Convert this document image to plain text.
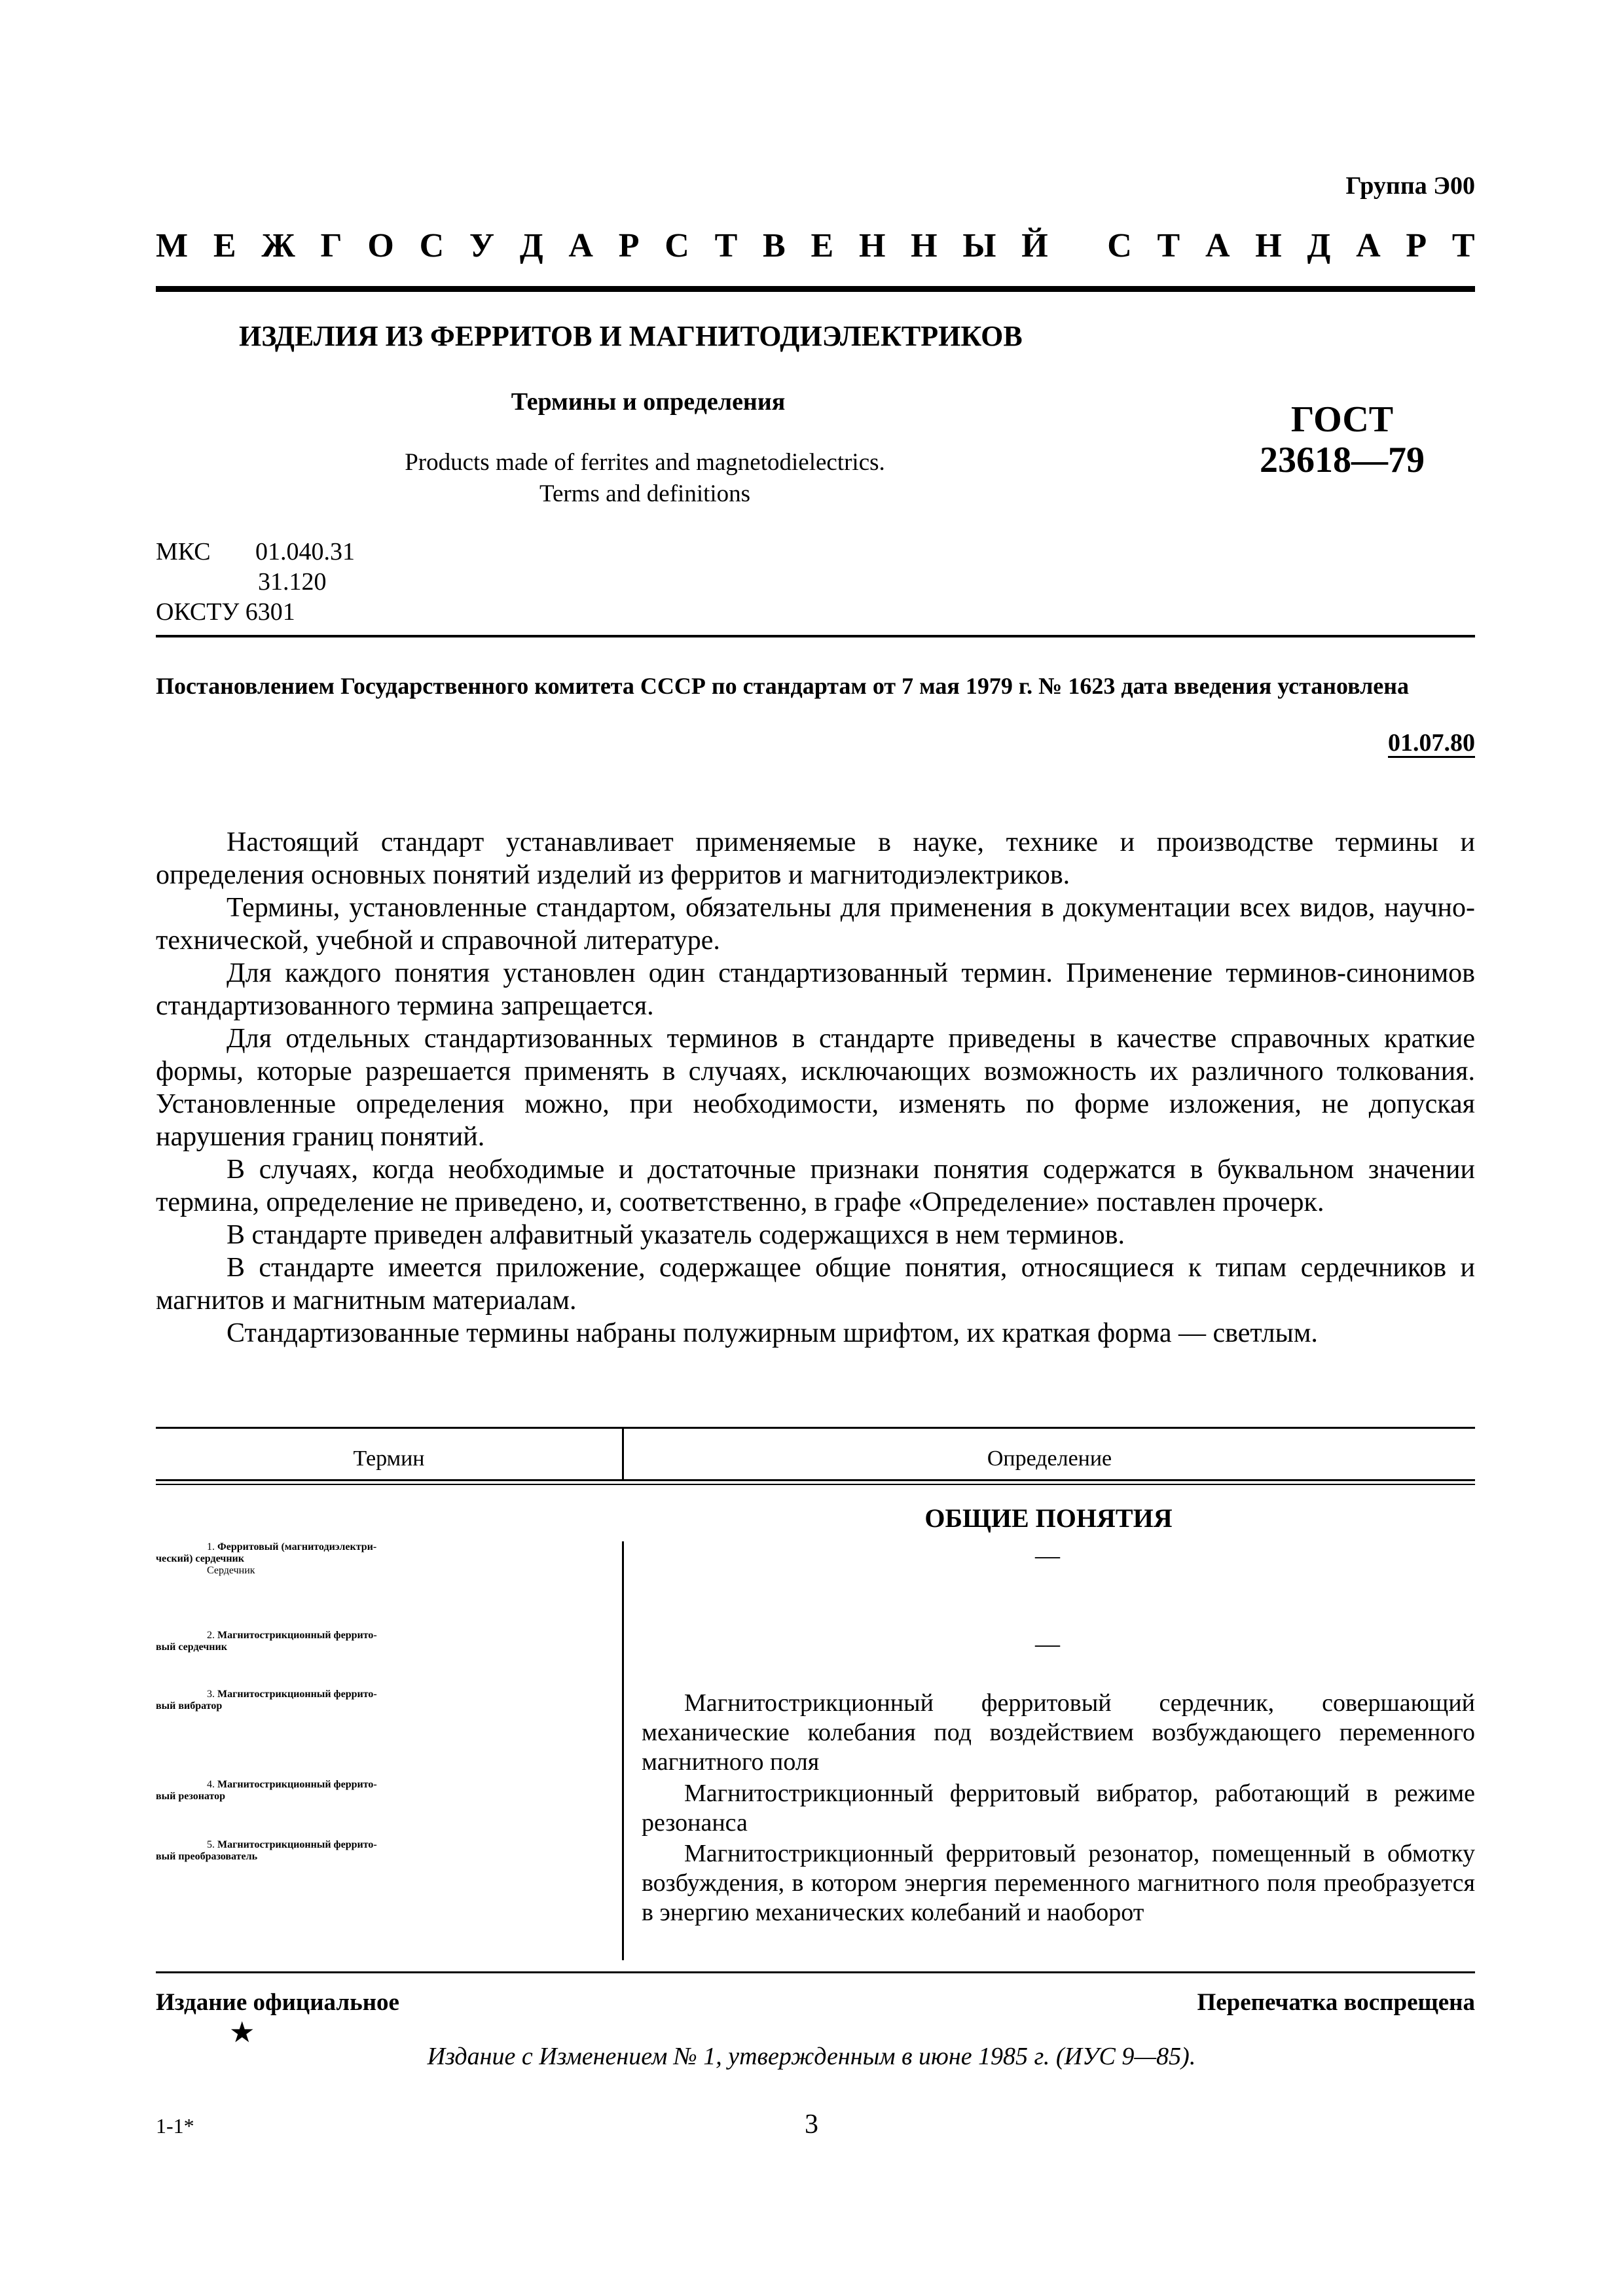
Группа Э00
М Е Ж Г О С У Д А Р С Т В Е Н Н Ы Й
С Т А Н Д А Р Т
ИЗДЕЛИЯ ИЗ ФЕРРИТОВ И МАГНИТОДИЭЛЕКТРИКОВ
Термины и определения
Products made of ferrites and magnetodielectrics.
Terms and definitions
ГОСТ
23618—79
МКС	01.040.31
31.120
ОКСТУ 6301
Постановлением Государственного комитета СССР по стандартам от 7 мая 1979 г. № 1623 дата введения установлена
01.07.80

Настоящий стандарт устанавливает применяемые в науке, технике и производстве термины и определения основных понятий изделий из ферритов и магнитодиэлектриков.

Термины, установленные стандартом, обязательны для применения в документации всех видов, научно-технической, учебной и справочной литературе.

Для каждого понятия установлен один стандартизованный термин. Применение терминов-синонимов стандартизованного термина запрещается.

Для отдельных стандартизованных терминов в стандарте приведены в качестве справочных краткие формы, которые разрешается применять в случаях, исключающих возможность их различного толкования. Установленные определения можно, при необходимости, изменять по форме изложения, не допуская нарушения границ понятий.

В случаях, когда необходимые и достаточные признаки понятия содержатся в буквальном значении термина, определение не приведено, и, соответственно, в графе «Определение» поставлен прочерк.

В стандарте приведен алфавитный указатель содержащихся в нем терминов.

В стандарте имеется приложение, содержащее общие понятия, относящиеся к типам сердечников и магнитов и магнитным материалам.

Стандартизованные термины набраны полужирным шрифтом, их краткая форма — светлым.

Термин	Определение
ОБЩИЕ ПОНЯТИЯ
1. Ферритовый (магнитодиэлектри-
ческий) сердечник
Сердечник
—
2. Магнитострикционный феррито-
вый сердечник	—
3. Магнитострикционный феррито-
вый вибратор	Магнитострикционный ферритовый сердечник, совершающий механические колебания под воздействием возбуждающего переменного магнитного поля
4. Магнитострикционный феррито-
вый резонатор	Магнитострикционный ферритовый вибратор, работающий в режиме резонанса
5. Магнитострикционный феррито-
вый преобразователь	Магнитострикционный ферритовый резонатор, помещенный в обмотку возбуждения, в котором энергия переменного магнитного поля преобразуется в энергию механических колебаний и наоборот
Издание официальное	Перепечатка воспрещена
★
Издание с Изменением № 1, утвержденным в июне 1985 г. (ИУС 9—85).
1-1*	3
